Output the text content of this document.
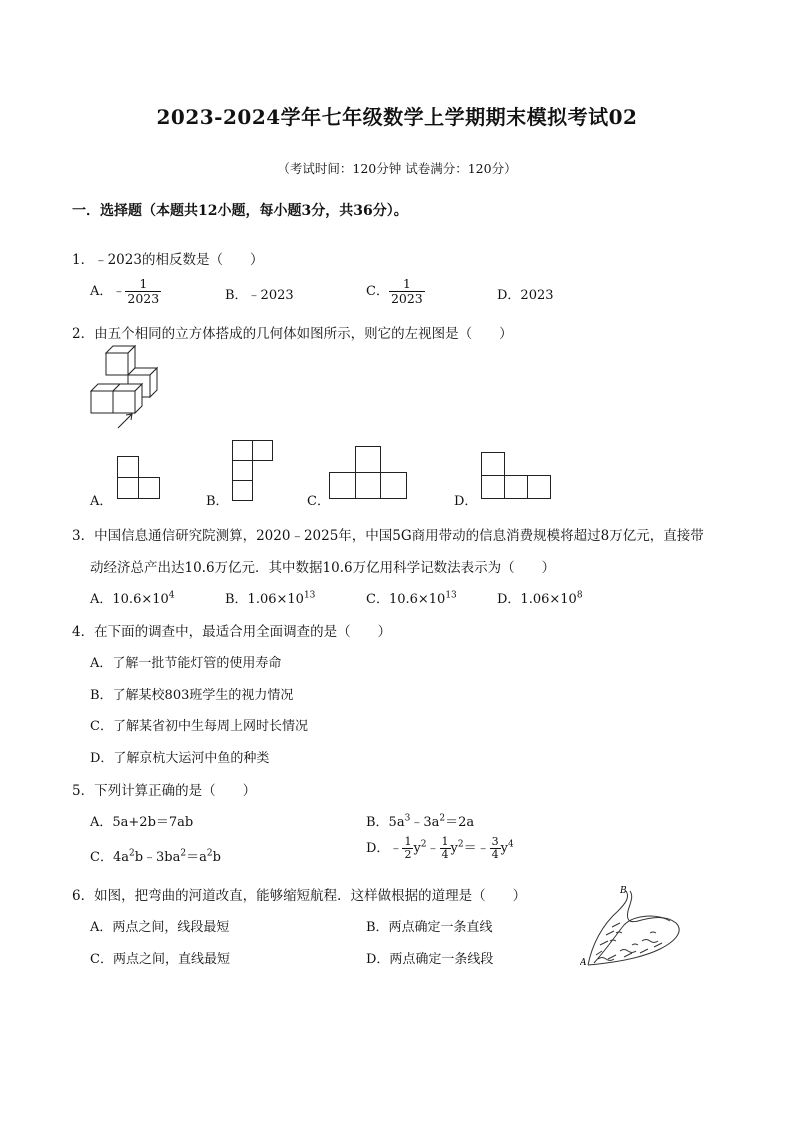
2023-2024学年七年级数学上学期期末模拟考试02
（考试时间：120分钟 试卷满分：120分）
一．选择题（本题共12小题，每小题3分，共36分）。
1．﹣2023的相反数是（　　）
A．﹣ $\frac{1}{2023}$	B．﹣2023	C． $\frac{1}{2023}$	D．2023
2．由五个相同的立方体搭成的几何体如图所示，则它的左视图是（　　）
A．	B．	C．	D．
3．中国信息通信研究院测算，2020﹣2025年，中国5G商用带动的信息消费规模将超过8万亿元，直接带
动经济总产出达10.6万亿元．其中数据10.6万亿用科学记数法表示为（　　）
A．$10.6\times 10^4$	B．$1.06\times 10^{13}$	C．$10.6\times 10^{13}$	D．$1.06\times 10^8$
4．在下面的调查中，最适合用全面调查的是（　　）
A．了解一批节能灯管的使用寿命
B．了解某校803班学生的视力情况
C．了解某省初中生每周上网时长情况
D．了解京杭大运河中鱼的种类
5．下列计算正确的是（　　）
A．5a+2b＝7ab	B．$5a^3﹣3a^2=2a$
C．$4a^2b﹣3ba^2=a^2b$
D．﹣ $\frac{1}{2}$ $y^2﹣ \frac{1}{4}$ $y^2=﹣ \frac{3}{4} y^4$
6．如图，把弯曲的河道改直，能够缩短航程．这样做根据的道理是（　　）
A．两点之间，线段最短	B．两点确定一条直线
C．两点之间，直线最短	D．两点确定一条线段
B
A
